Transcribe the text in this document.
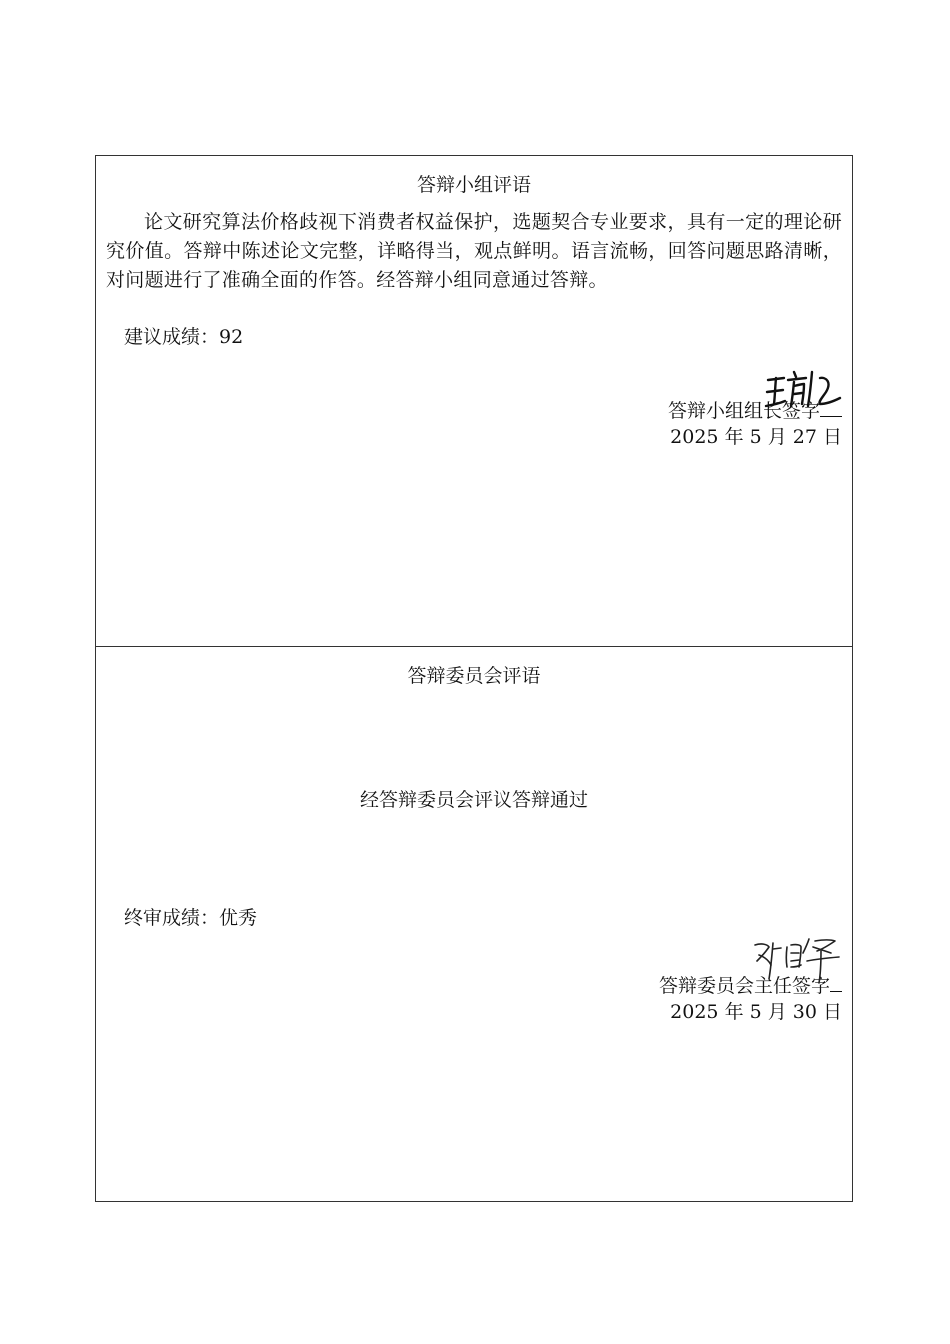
答辩小组评语
论文研究算法价格歧视下消费者权益保护，选题契合专业要求，具有一定的理论研究价值。答辩中陈述论文完整，详略得当，观点鲜明。语言流畅，回答问题思路清晰，对问题进行了准确全面的作答。经答辩小组同意通过答辩。
建议成绩：92
答辩小组组长签字
2025 年 5 月 27 日
答辩委员会评语
经答辩委员会评议答辩通过
终审成绩：优秀
答辩委员会主任签字
2025 年 5 月 30 日
